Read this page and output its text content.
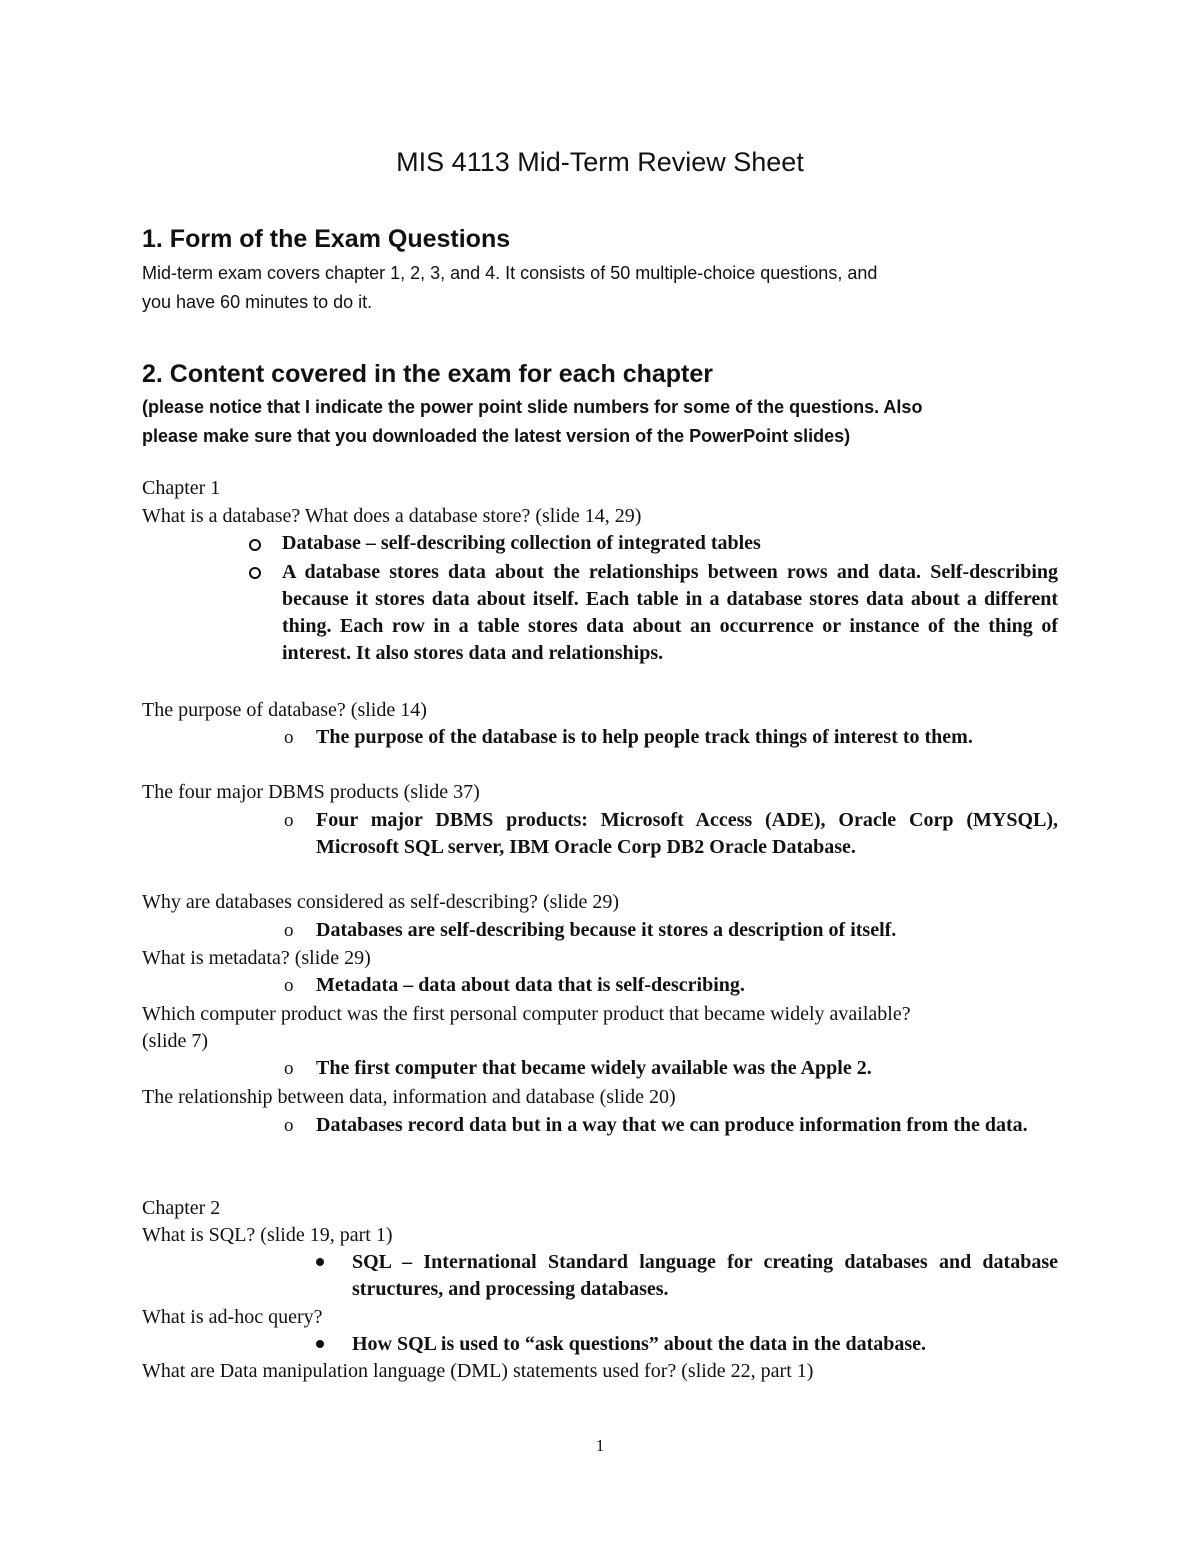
MIS 4113 Mid-Term Review Sheet
1. Form of the Exam Questions
Mid-term exam covers chapter 1, 2, 3, and 4. It consists of 50 multiple-choice questions, and
you have 60 minutes to do it.
2. Content covered in the exam for each chapter
(please notice that I indicate the power point slide numbers for some of the questions. Also
please make sure that you downloaded the latest version of the PowerPoint slides)
Chapter 1
What is a database? What does a database store? (slide 14, 29)
Database – self-describing collection of integrated tables
A database stores data about the relationships between rows and data. Self-describing because it stores data about itself. Each table in a database stores data about a different thing. Each row in a table stores data about an occurrence or instance of the thing of interest. It also stores data and relationships.
The purpose of database? (slide 14)
o The purpose of the database is to help people track things of interest to them.
The four major DBMS products (slide 37)
o Four major DBMS products: Microsoft Access (ADE), Oracle Corp (MYSQL), Microsoft SQL server, IBM Oracle Corp DB2 Oracle Database.
Why are databases considered as self-describing? (slide 29)
o Databases are self-describing because it stores a description of itself.
What is metadata? (slide 29)
o Metadata – data about data that is self-describing.
Which computer product was the first personal computer product that became widely available?
(slide 7)
o The first computer that became widely available was the Apple 2.
The relationship between data, information and database (slide 20)
o Databases record data but in a way that we can produce information from the data.
Chapter 2
What is SQL? (slide 19, part 1)
SQL – International Standard language for creating databases and database structures, and processing databases.
What is ad-hoc query?
How SQL is used to “ask questions” about the data in the database.
What are Data manipulation language (DML) statements used for? (slide 22, part 1)
1
